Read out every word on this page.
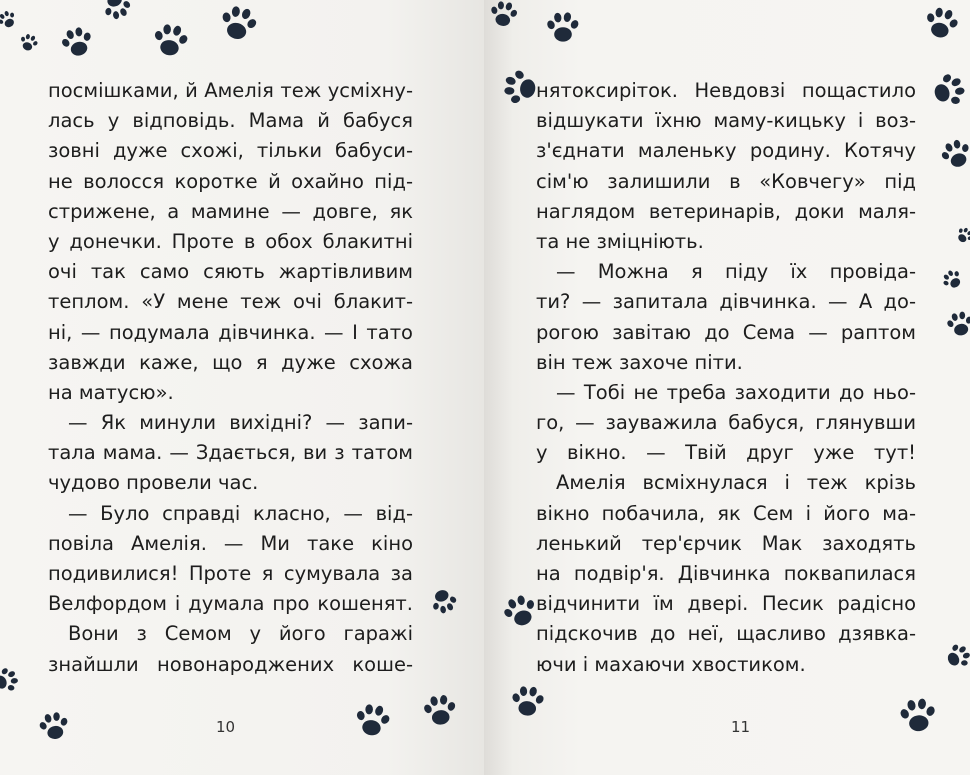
посмішками, й Амелія теж усміхну-
лась у відповідь. Мама й бабуся
зовні дуже схожі, тільки бабуси-
не волосся коротке й охайно під-
стрижене, а мамине — довге, як
у донечки. Проте в обох блакитні
очі так само сяють жартівливим
теплом. «У мене теж очі блакит-
ні, — подумала дівчинка. — І тато
завжди каже, що я дуже схожа
на матусю».
— Як минули вихідні? — запи-
тала мама. — Здається, ви з татом
чудово провели час.
— Було справді класно, — від-
повіла Амелія. — Ми таке кіно
подивилися! Проте я сумувала за
Велфордом і думала про кошенят.
Вони з Семом у його гаражі
знайшли новонароджених коше-
10
нятоксиріток. Невдовзі пощастило
відшукати їхню маму-кицьку і воз-
з'єднати маленьку родину. Котячу
сім'ю залишили в «Ковчегу» під
наглядом ветеринарів, доки маля-
та не зміцніють.
— Можна я піду їх провіда-
ти? — запитала дівчинка. — А до-
рогою завітаю до Сема — раптом
він теж захоче піти.
— Тобі не треба заходити до ньо-
го, — зауважила бабуся, глянувши
у вікно. — Твій друг уже тут!
Амелія всміхнулася і теж крізь
вікно побачила, як Сем і його ма-
ленький тер'єрчик Мак заходять
на подвір'я. Дівчинка поквапилася
відчинити їм двері. Песик радісно
підскочив до неї, щасливо дзявка-
ючи і махаючи хвостиком.
11
